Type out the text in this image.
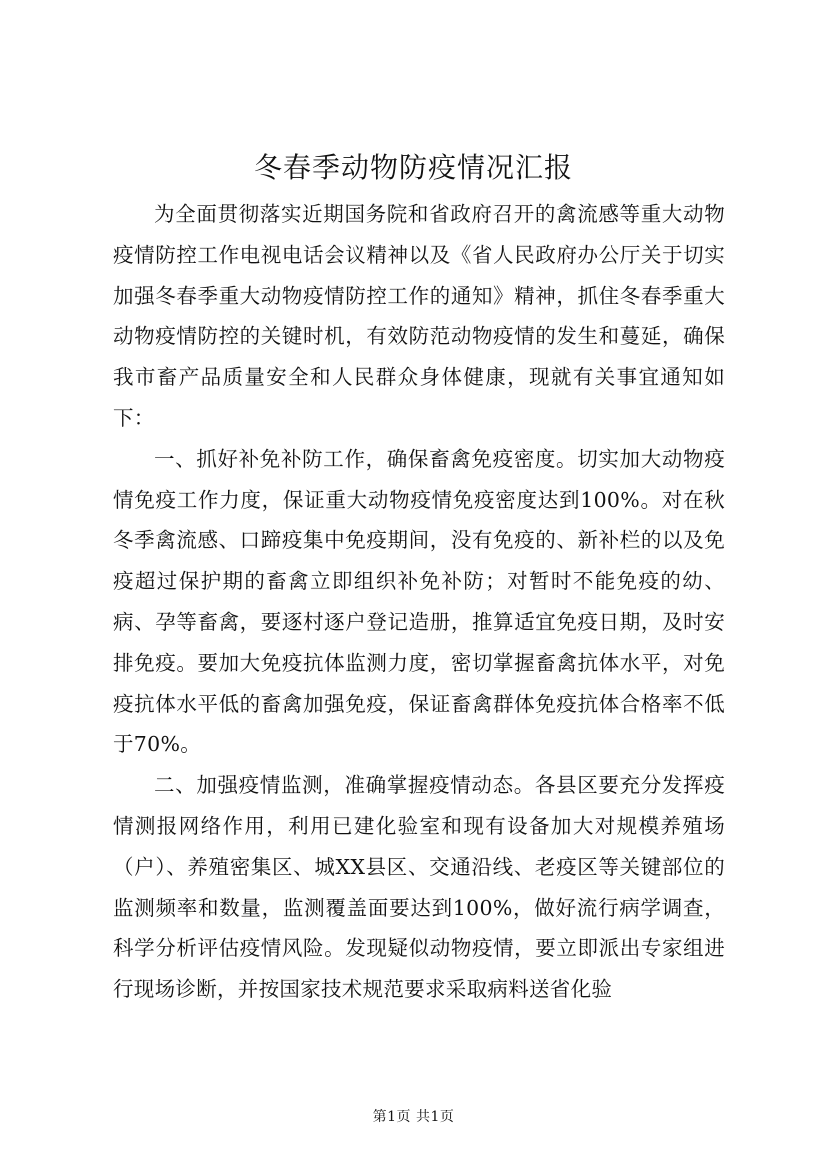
冬春季动物防疫情况汇报

为全面贯彻落实近期国务院和省政府召开的禽流感等重大动物疫情防控工作电视电话会议精神以及《省人民政府办公厅关于切实加强冬春季重大动物疫情防控工作的通知》精神，抓住冬春季重大动物疫情防控的关键时机，有效防范动物疫情的发生和蔓延，确保我市畜产品质量安全和人民群众身体健康，现就有关事宜通知如下：

一、抓好补免补防工作，确保畜禽免疫密度。切实加大动物疫情免疫工作力度，保证重大动物疫情免疫密度达到100%。对在秋冬季禽流感、口蹄疫集中免疫期间，没有免疫的、新补栏的以及免疫超过保护期的畜禽立即组织补免补防；对暂时不能免疫的幼、病、孕等畜禽，要逐村逐户登记造册，推算适宜免疫日期，及时安排免疫。要加大免疫抗体监测力度，密切掌握畜禽抗体水平，对免疫抗体水平低的畜禽加强免疫，保证畜禽群体免疫抗体合格率不低于70%。

二、加强疫情监测，准确掌握疫情动态。各县区要充分发挥疫情测报网络作用，利用已建化验室和现有设备加大对规模养殖场（户）、养殖密集区、城XX县区、交通沿线、老疫区等关键部位的监测频率和数量，监测覆盖面要达到100%，做好流行病学调查，科学分析评估疫情风险。发现疑似动物疫情，要立即派出专家组进行现场诊断，并按国家技术规范要求采取病料送省化验

第1页 共1页
